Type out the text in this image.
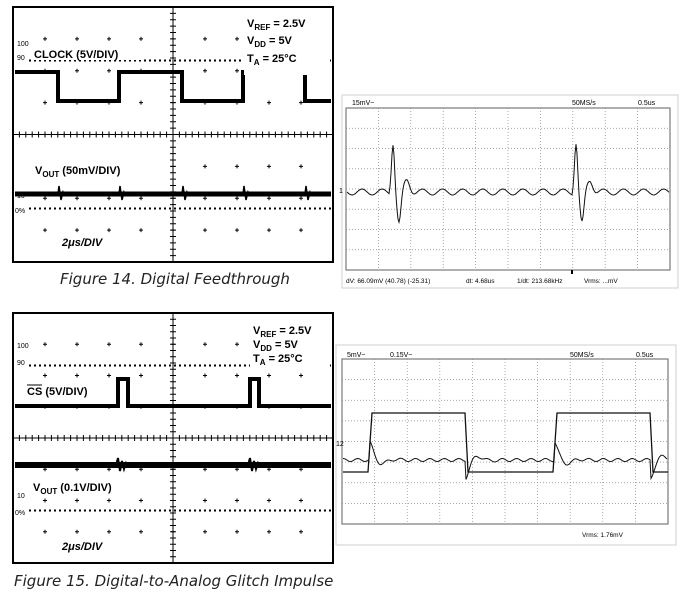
100
90
10
0%
CLOCK (5V/DIV)
$V_{OUT}$ (50mV/DIV)
2μs/DIV
$V_{REF} = 2.5V$
$V_{DD} = 5V$
$T_A = 25^\circ C$
15mV~	50MS/s	0.5us
1
dV: 66.09mV (40.78) (-25.31)	dt: 4.68us	1/dt: 213.68kHz	Vrms: ...mV
100
90
10
0%
CS (5V/DIV)
$V_{OUT}$ (0.1V/DIV)
2μs/DIV
$V_{REF} = 2.5V$
$V_{DD} = 5V$
$T_A = 25^\circ C$	5mV~	0.15V~	50MS/s	0.5us
12
Vrms: 1.76mV
Figure 14. Digital Feedthrough
Figure 15. Digital-to-Analog Glitch Impulse
